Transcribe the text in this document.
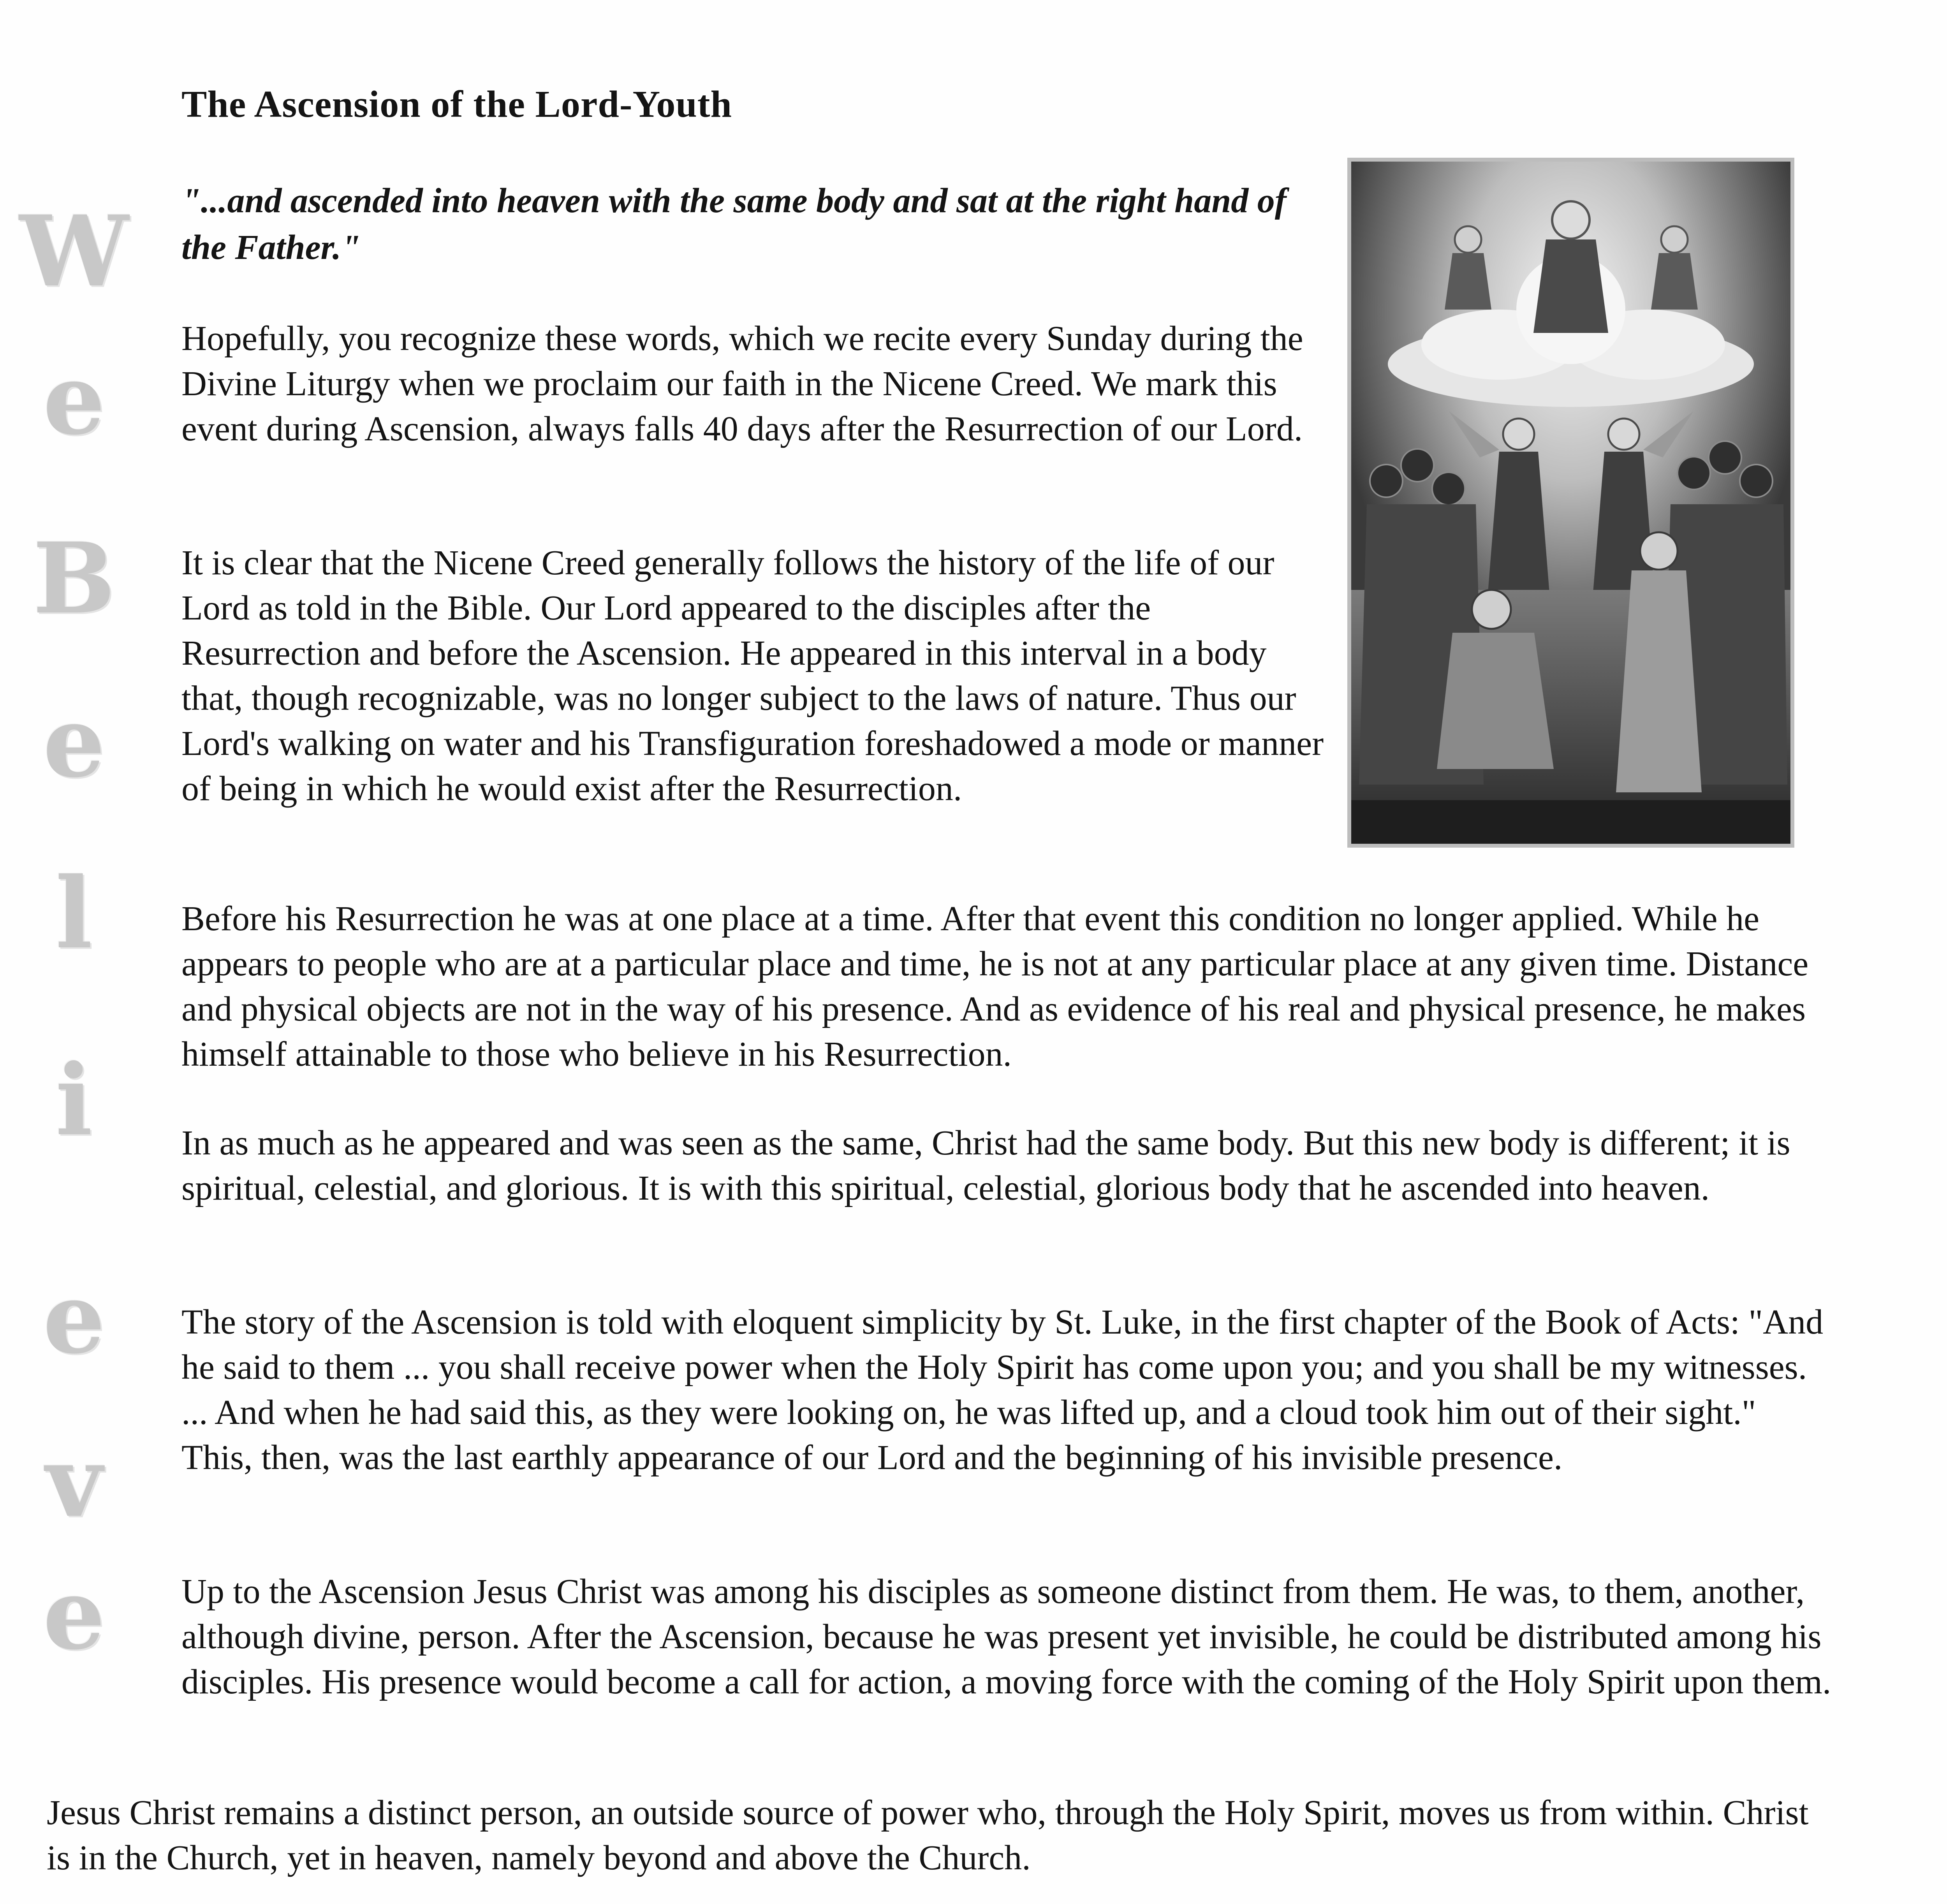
The Ascension of the Lord-Youth
W
e
B
e
l
i
e
v
e

"...and ascended into heaven with the same body and sat at the right hand of the Father."

Hopefully, you recognize these words, which we recite every Sunday during the Divine Liturgy when we proclaim our faith in the Nicene Creed. We mark this event during Ascension, always falls 40 days after the Resurrection of our Lord.

It is clear that the Nicene Creed generally follows the history of the life of our Lord as told in the Bible. Our Lord appeared to the disciples after the Resurrection and before the Ascension. He appeared in this interval in a body that, though recognizable, was no longer subject to the laws of nature. Thus our Lord's walking on water and his Transfiguration foreshadowed a mode or manner of being in which he would exist after the Resurrection.

Before his Resurrection he was at one place at a time. After that event this condition no longer applied. While he appears to people who are at a particular place and time, he is not at any particular place at any given time. Distance and physical objects are not in the way of his presence. And as evidence of his real and physical presence, he makes himself attainable to those who believe in his Resurrection.

In as much as he appeared and was seen as the same, Christ had the same body. But this new body is different; it is spiritual, celestial, and glorious. It is with this spiritual, celestial, glorious body that he ascended into heaven.

The story of the Ascension is told with eloquent simplicity by St. Luke, in the first chapter of the Book of Acts: "And he said to them ... you shall receive power when the Holy Spirit has come upon you; and you shall be my witnesses. ... And when he had said this, as they were looking on, he was lifted up, and a cloud took him out of their sight." This, then, was the last earthly appearance of our Lord and the beginning of his invisible presence.

Up to the Ascension Jesus Christ was among his disciples as someone distinct from them. He was, to them, another, although divine, person. After the Ascension, because he was present yet invisible, he could be distributed among his disciples. His presence would become a call for action, a moving force with the coming of the Holy Spirit upon them.

Jesus Christ remains a distinct person, an outside source of power who, through the Holy Spirit, moves us from within. Christ is in the Church, yet in heaven, namely beyond and above the Church.
